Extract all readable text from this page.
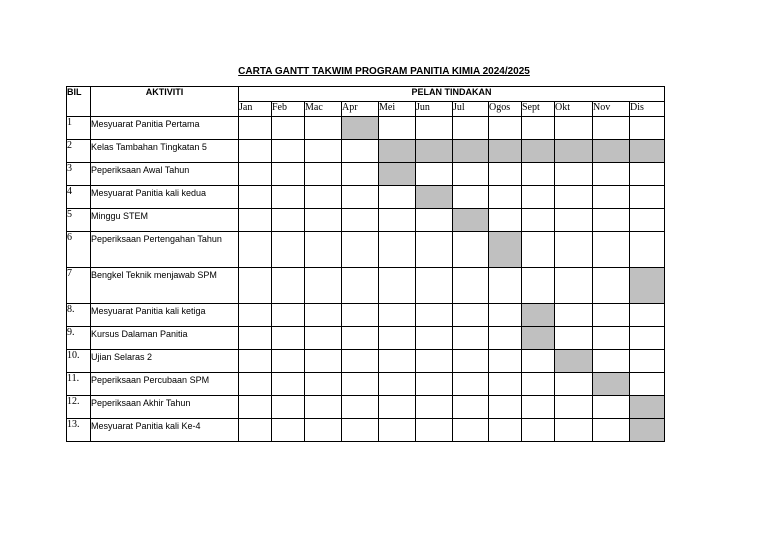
CARTA GANTT TAKWIM PROGRAM PANITIA KIMIA 2024/2025
BIL	AKTIVITI	PELAN TINDAKAN											
		Jan	Feb	Mac	Apr	Mei	Jun	Jul	Ogos	Sept	Okt	Nov	Dis
1	Mesyuarat Panitia Pertama												
2	Kelas Tambahan Tingkatan 5												
3	Peperiksaan Awal Tahun												
4	Mesyuarat Panitia kali kedua												
5	Minggu STEM												
6	Peperiksaan Pertengahan Tahun												
7	Bengkel Teknik menjawab SPM												
8.	Mesyuarat Panitia kali ketiga												
9.	Kursus Dalaman Panitia												
10.	Ujian Selaras 2												
11.	Peperiksaan Percubaan SPM												
12.	Peperiksaan Akhir Tahun												
13.	Mesyuarat Panitia kali Ke-4												
